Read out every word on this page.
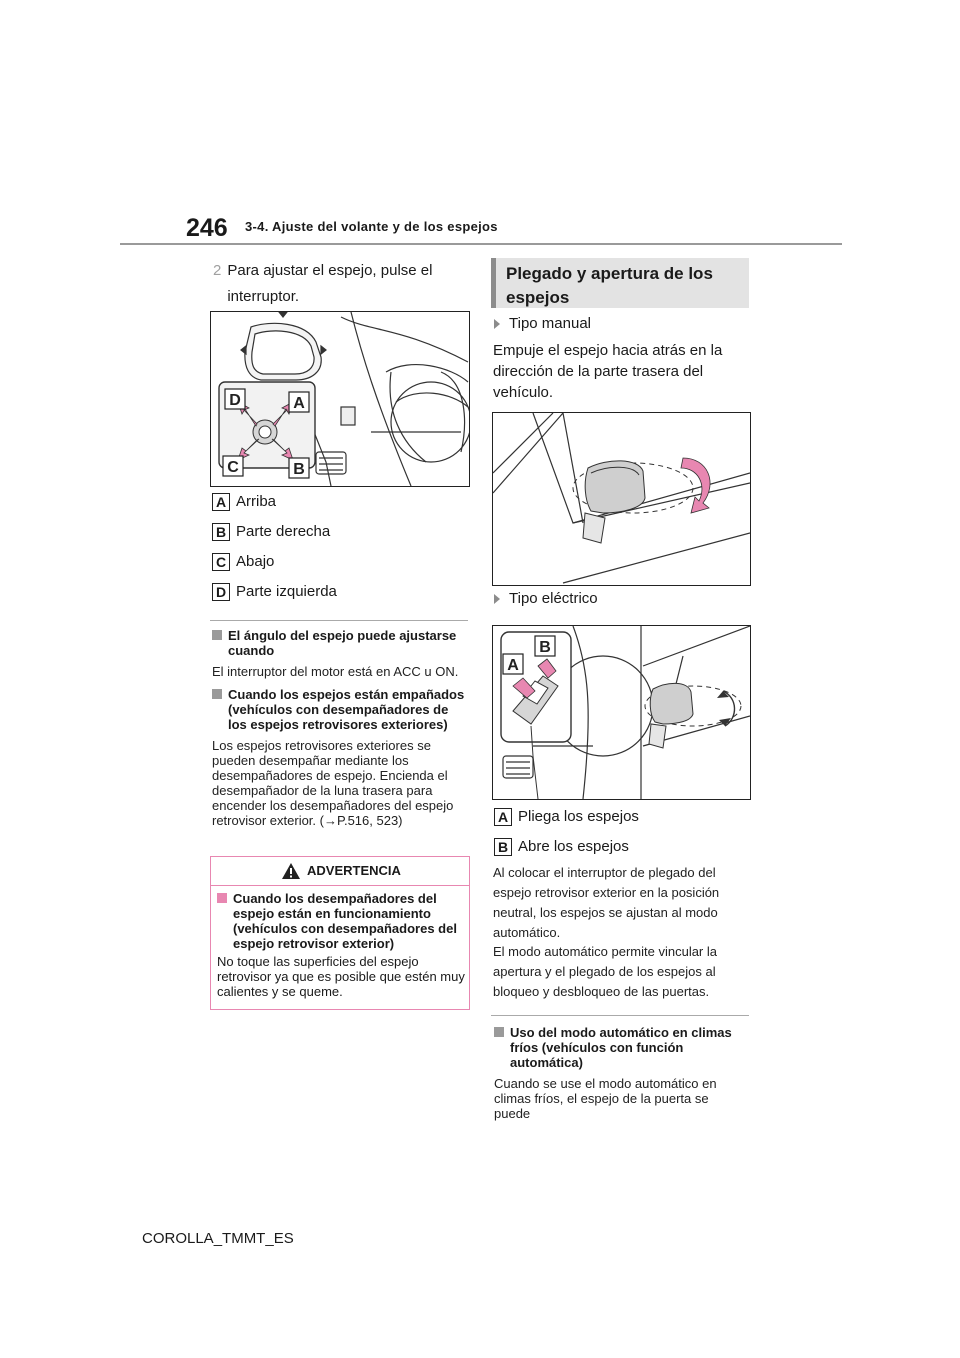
246 3-4. Ajuste del volante y de los espejos
2 Para ajustar el espejo, pulse el interruptor.
D	A
C	B
A Arriba
B Parte derecha
C Abajo
D Parte izquierda
El ángulo del espejo puede ajustarse cuando
El interruptor del motor está en ACC u ON.
Cuando los espejos están empañados (vehículos con desempañadores de los espejos retrovisores exteriores)
Los espejos retrovisores exteriores se pueden desempañar mediante los desempañadores de espejo. Encienda el desempañador de la luna trasera para encender los desempañadores del espejo retrovisor exterior. (→P.516, 523)
ADVERTENCIA
Cuando los desempañadores del espejo están en funcionamiento (vehículos con desempañadores del espejo retrovisor exterior)
No toque las superficies del espejo retrovisor ya que es posible que estén muy calientes y se queme.
Plegado y apertura de los espejos
Tipo manual
Empuje el espejo hacia atrás en la dirección de la parte trasera del vehículo.
Tipo eléctrico
A
B
A Pliega los espejos
B Abre los espejos
Al colocar el interruptor de plegado del espejo retrovisor exterior en la posición neutral, los espejos se ajustan al modo automático.
El modo automático permite vincular la apertura y el plegado de los espejos al bloqueo y desbloqueo de las puertas.
Uso del modo automático en climas fríos (vehículos con función automática)
Cuando se use el modo automático en climas fríos, el espejo de la puerta se puede
COROLLA_TMMT_ES
